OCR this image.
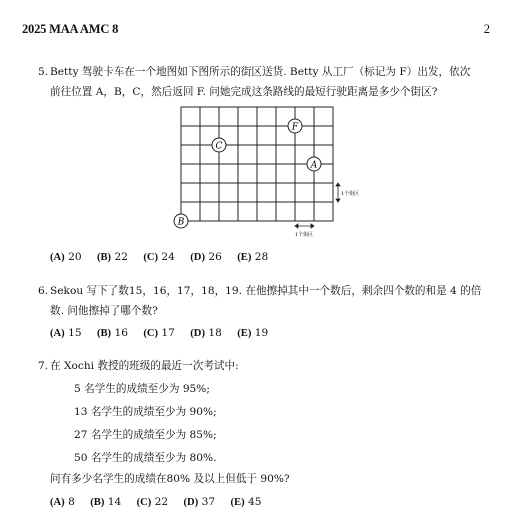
2025 MAA AMC 8	2
5. Betty 驾驶卡车在一个地图如下图所示的街区送货. Betty 从工厂（标记为 F）出发，依次
前往位置 A，B，C，然后返回 F. 问她完成这条路线的最短行驶距离是多少个街区?
F
C
A
B
1个街区
1个街区
(A) 20 (B) 22 (C) 24 (D) 26 (E) 28
6. Sekou 写下了数15，16，17，18，19. 在他擦掉其中一个数后，剩余四个数的和是 4 的倍
数. 问他擦掉了哪个数?
(A) 15 (B) 16 (C) 17 (D) 18 (E) 19
7. 在 Xochi 教授的班级的最近一次考试中:
5 名学生的成绩至少为 95%;
13 名学生的成绩至少为 90%;
27 名学生的成绩至少为 85%;
50 名学生的成绩至少为 80%.
问有多少名学生的成绩在80% 及以上但低于 90%?
(A) 8 (B) 14 (C) 22 (D) 37 (E) 45
